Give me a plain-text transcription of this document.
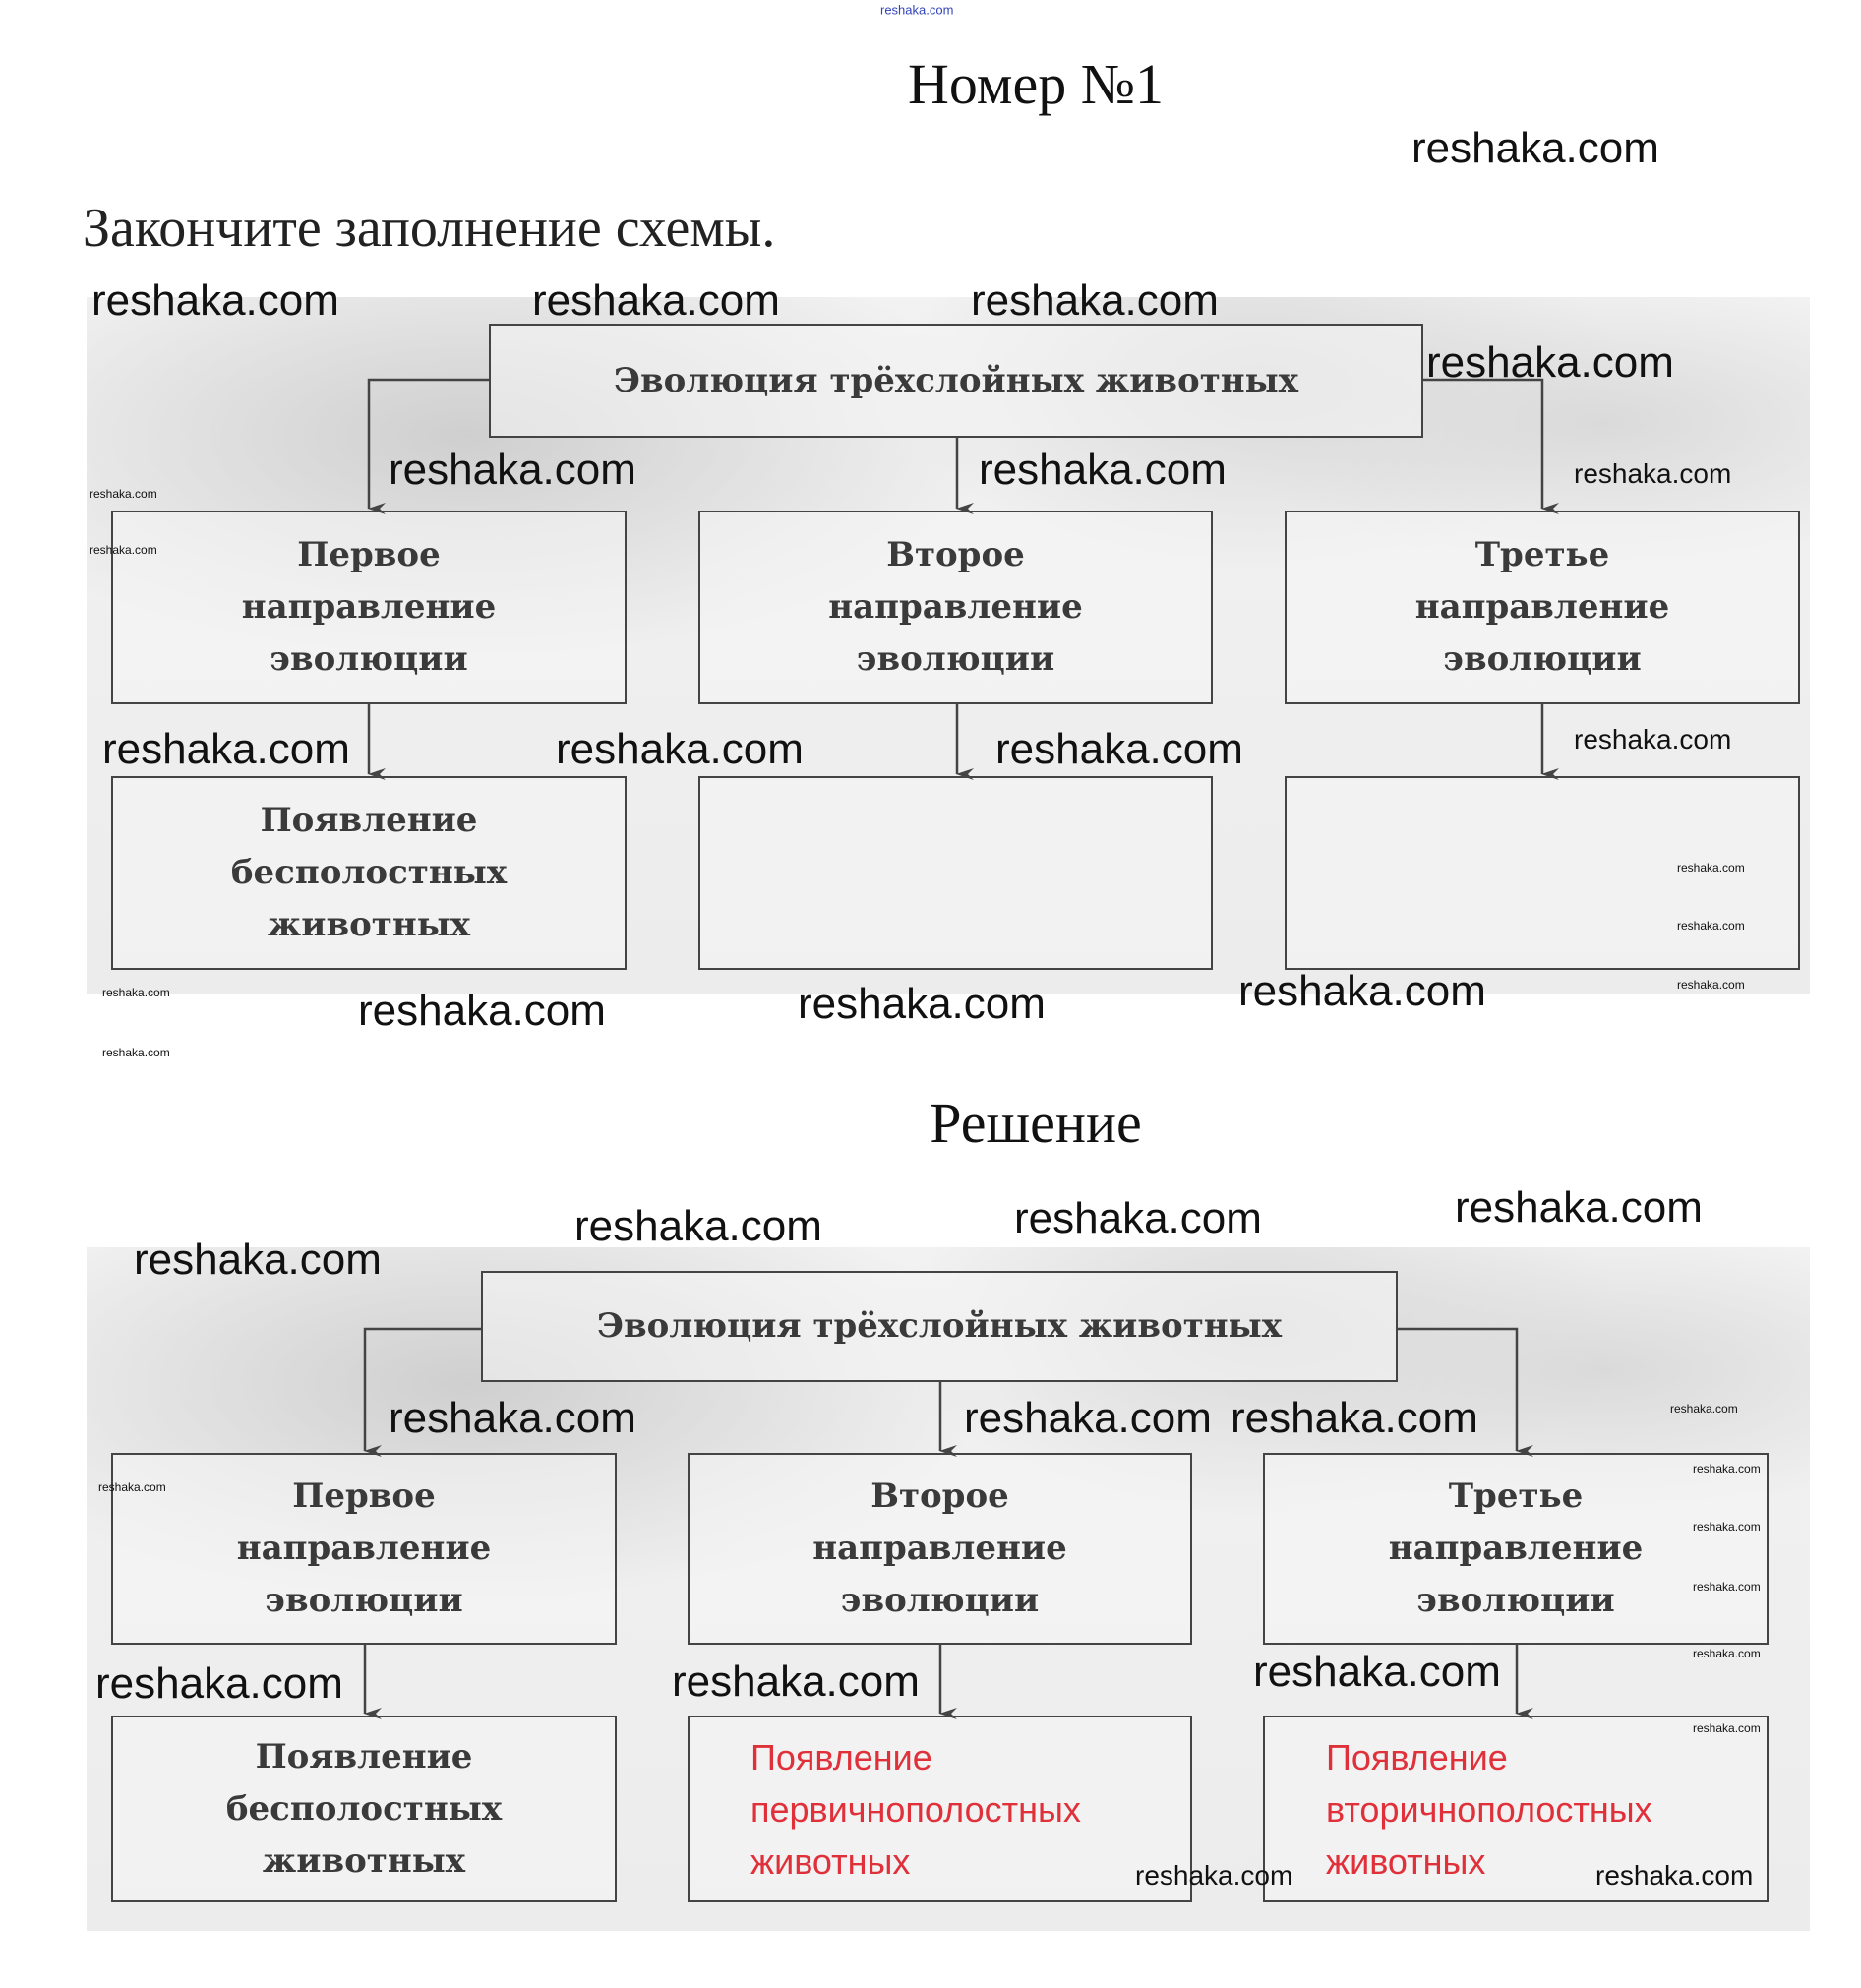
reshaka.com
Номер №1
Закончите заполнение схемы.
Эволюция трёхслойных животных
Первое
направление
эволюции
Второе
направление
эволюции
Третье
направление
эволюции
Появление
бесполостных
животных
Решение
Эволюция трёхслойных животных
Первое
направление
эволюции
Второе
направление
эволюции
Третье
направление
эволюции
Появление
бесполостных
животных
Появление
первичнополостных
животных
Появление
вторичнополостных
животных
reshaka.com
reshaka.com	reshaka.com	reshaka.com
reshaka.com
reshaka.com	reshaka.com
reshaka.com	reshaka.com	reshaka.com
reshaka.com	reshaka.com	reshaka.com
reshaka.com
reshaka.com
reshaka.com
reshaka.com
reshaka.com
reshaka.com
reshaka.com
reshaka.com
reshaka.com
reshaka.com
reshaka.com	reshaka.com	reshaka.com
reshaka.com
reshaka.com	reshaka.com
reshaka.com	reshaka.com	reshaka.com
reshaka.com	reshaka.com
reshaka.com
reshaka.com
reshaka.com
reshaka.com
reshaka.com
reshaka.com
reshaka.com
